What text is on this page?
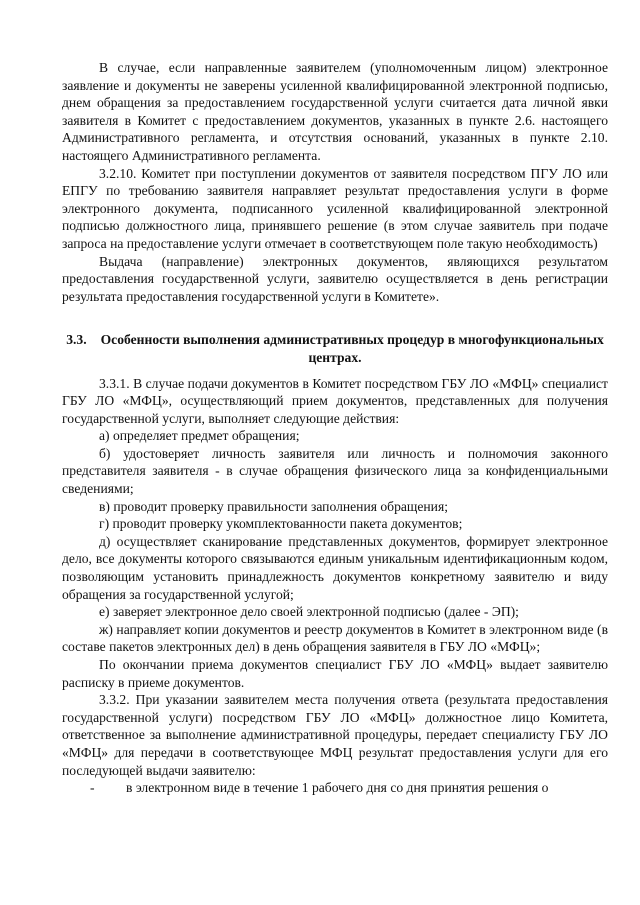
В случае, если направленные заявителем (уполномоченным лицом) электронное заявление и документы не заверены усиленной квалифицированной электронной подписью, днем обращения за предоставлением государственной услуги считается дата личной явки заявителя в Комитет с предоставлением документов, указанных в пункте 2.6. настоящего Административного регламента, и отсутствия оснований, указанных в пункте 2.10. настоящего Административного регламента.

3.2.10. Комитет при поступлении документов от заявителя посредством ПГУ ЛО или ЕПГУ по требованию заявителя направляет результат предоставления услуги в форме электронного документа, подписанного усиленной квалифицированной электронной подписью должностного лица, принявшего решение (в этом случае заявитель при подаче запроса на предоставление услуги отмечает в соответствующем поле такую необходимость)

Выдача (направление) электронных документов, являющихся результатом предоставления государственной услуги, заявителю осуществляется в день регистрации результата предоставления государственной услуги в Комитете».

3.3. Особенности выполнения административных процедур в многофункциональных центрах.

3.3.1. В случае подачи документов в Комитет посредством ГБУ ЛО «МФЦ» специалист ГБУ ЛО «МФЦ», осуществляющий прием документов, представленных для получения государственной услуги, выполняет следующие действия:

а) определяет предмет обращения;

б) удостоверяет личность заявителя или личность и полномочия законного представителя заявителя - в случае обращения физического лица за конфиденциальными сведениями;

в) проводит проверку правильности заполнения обращения;

г) проводит проверку укомплектованности пакета документов;

д) осуществляет сканирование представленных документов, формирует электронное дело, все документы которого связываются единым уникальным идентификационным кодом, позволяющим установить принадлежность документов конкретному заявителю и виду обращения за государственной услугой;

е) заверяет электронное дело своей электронной подписью (далее - ЭП);

ж) направляет копии документов и реестр документов в Комитет в электронном виде (в составе пакетов электронных дел) в день обращения заявителя в ГБУ ЛО «МФЦ»;

По окончании приема документов специалист ГБУ ЛО «МФЦ» выдает заявителю расписку в приеме документов.

3.3.2. При указании заявителем места получения ответа (результата предоставления государственной услуги) посредством ГБУ ЛО «МФЦ» должностное лицо Комитета, ответственное за выполнение административной процедуры, передает специалисту ГБУ ЛО «МФЦ» для передачи в соответствующее МФЦ результат предоставления услуги для его последующей выдачи заявителю:

-	в электронном виде в течение 1 рабочего дня со дня принятия решения о
